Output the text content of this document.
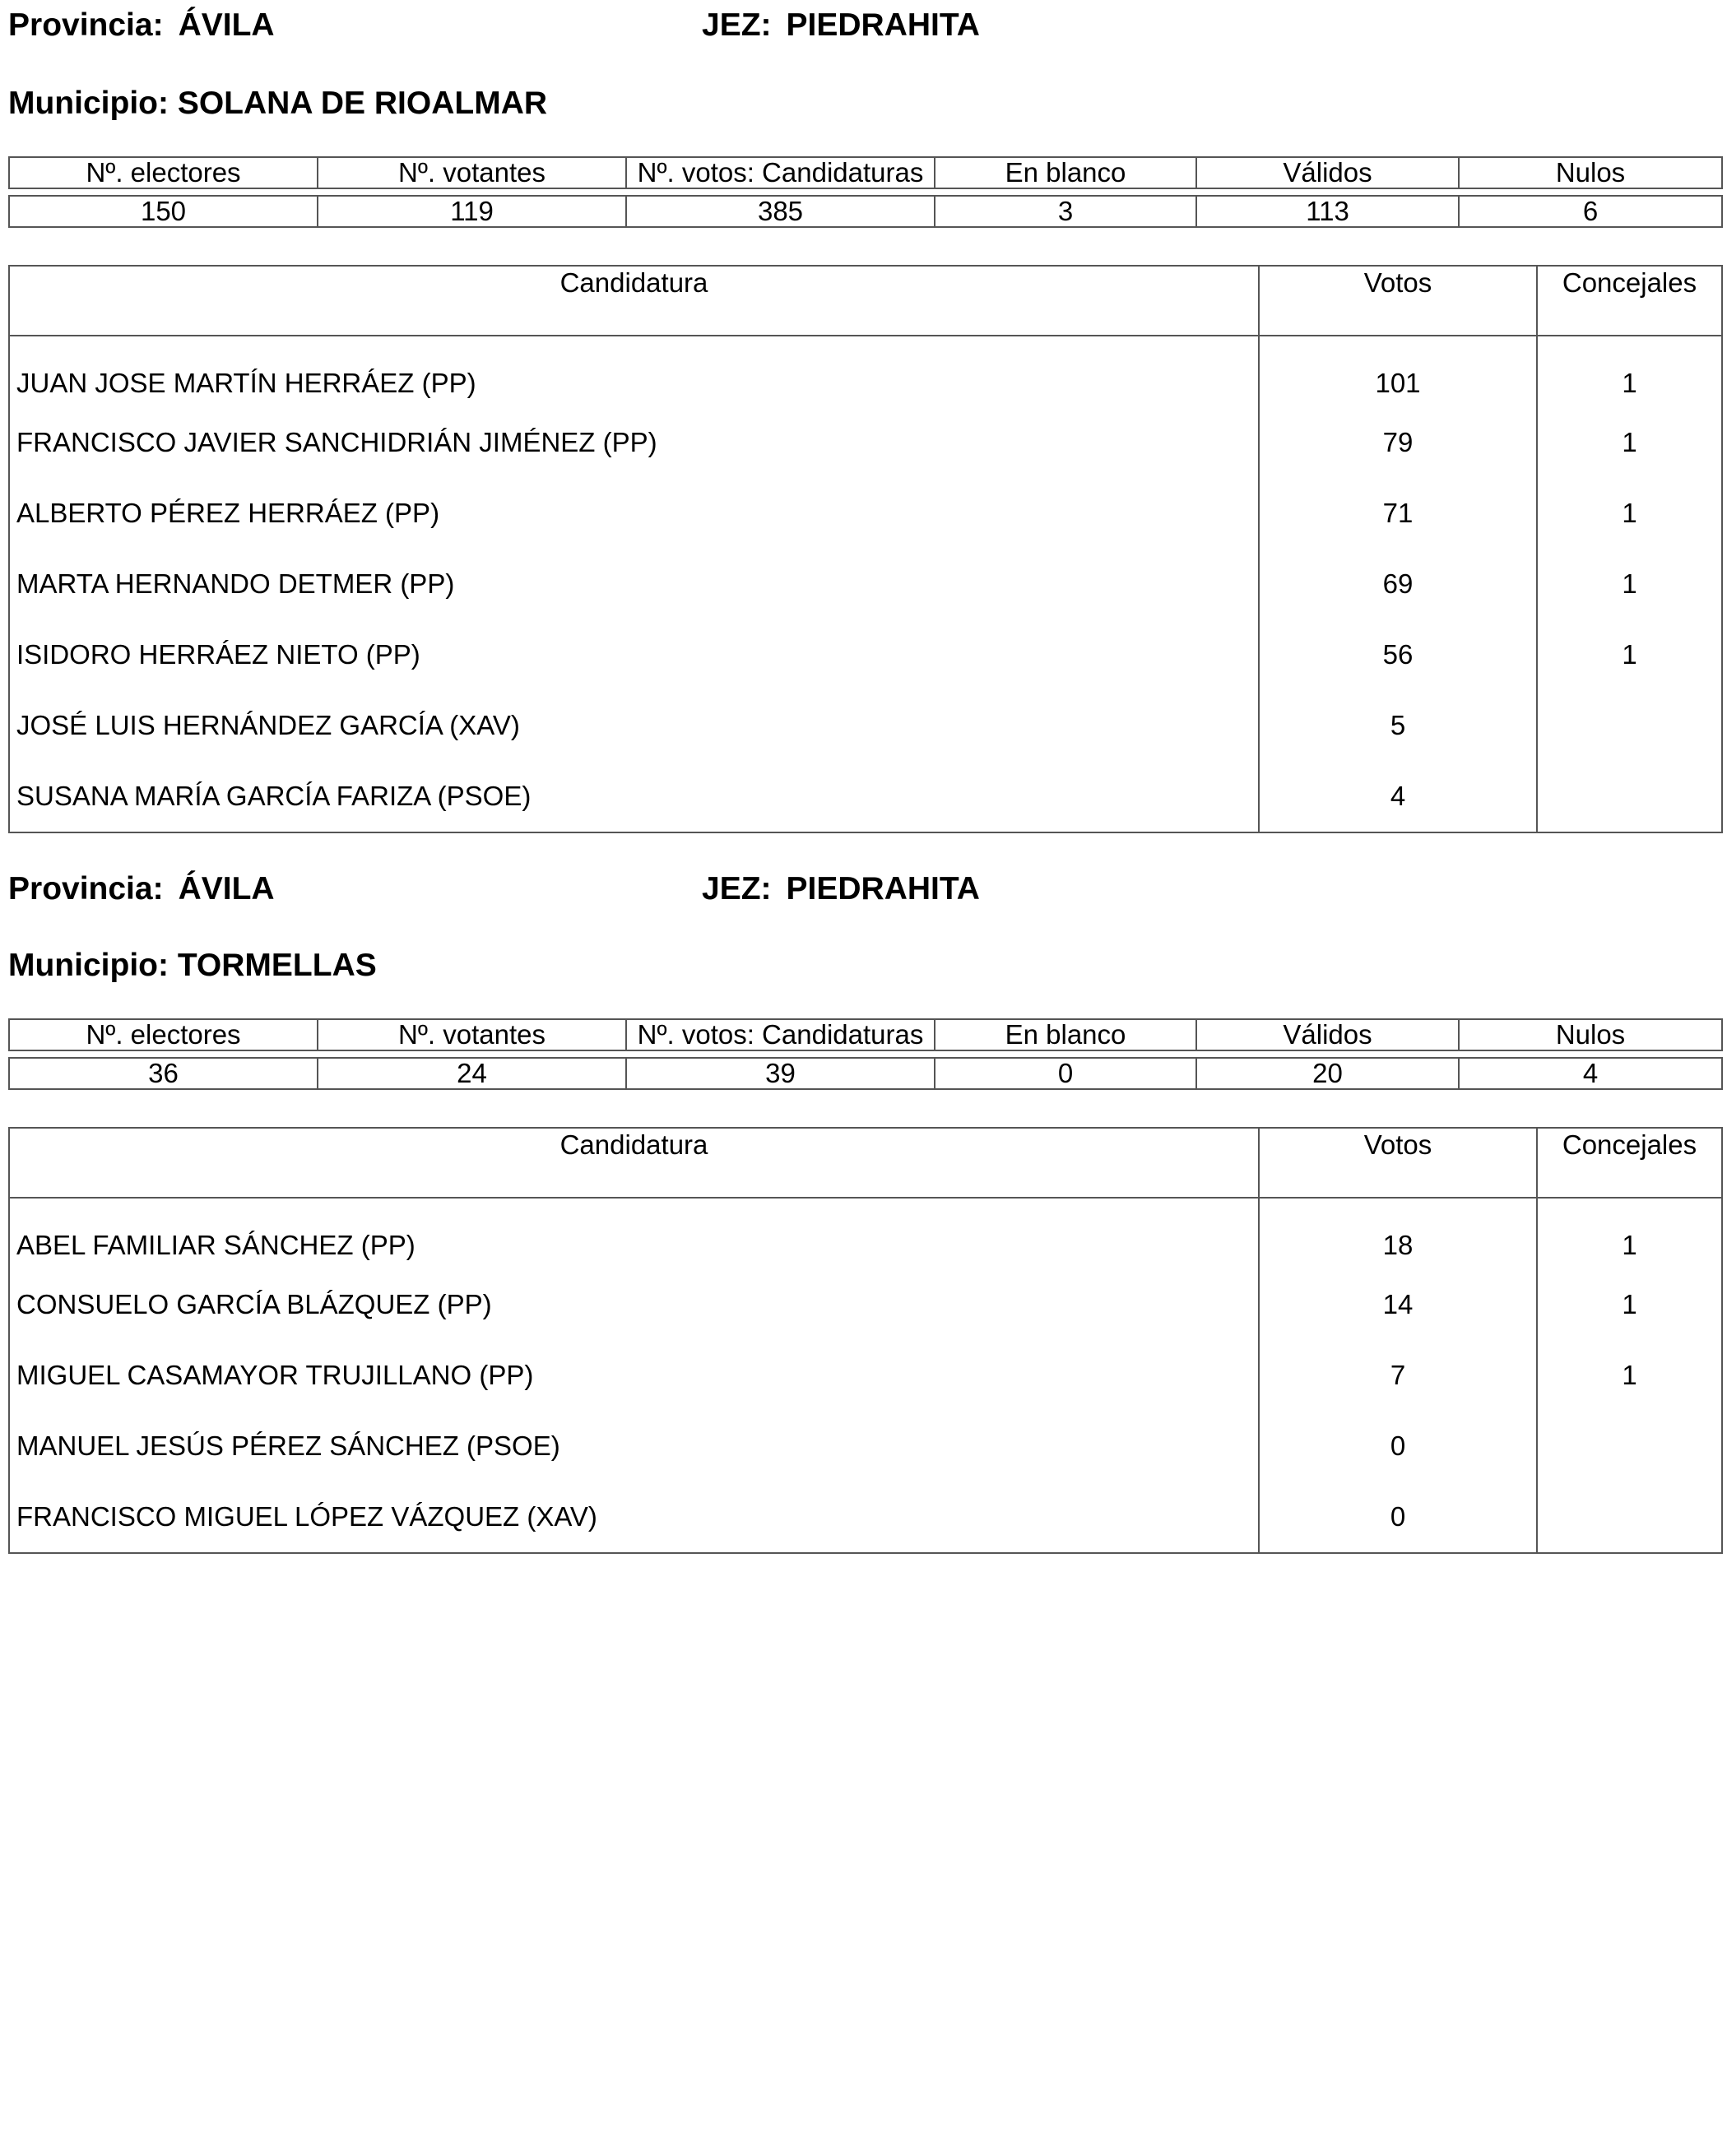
Provincia: ÁVILA	JEZ: PIEDRAHITA
Municipio: SOLANA DE RIOALMAR
Nº. electores	Nº. votantes	Nº. votos: Candidaturas	En blanco	Válidos	Nulos

150	119	385	3	113	6
Candidatura	Votos	Concejales
JUAN JOSE MARTÍN HERRÁEZ (PP)	101	1
FRANCISCO JAVIER SANCHIDRIÁN JIMÉNEZ (PP)	79	1
ALBERTO PÉREZ HERRÁEZ (PP)	71	1
MARTA HERNANDO DETMER (PP)	69	1
ISIDORO HERRÁEZ NIETO (PP)	56	1
JOSÉ LUIS HERNÁNDEZ GARCÍA (XAV)	5	
SUSANA MARÍA GARCÍA FARIZA (PSOE)	4	
Provincia: ÁVILA	JEZ: PIEDRAHITA
Municipio: TORMELLAS
Nº. electores	Nº. votantes	Nº. votos: Candidaturas	En blanco	Válidos	Nulos

36	24	39	0	20	4
Candidatura	Votos	Concejales
ABEL FAMILIAR SÁNCHEZ (PP)	18	1
CONSUELO GARCÍA BLÁZQUEZ (PP)	14	1
MIGUEL CASAMAYOR TRUJILLANO (PP)	7	1
MANUEL JESÚS PÉREZ SÁNCHEZ (PSOE)	0	
FRANCISCO MIGUEL LÓPEZ VÁZQUEZ (XAV)	0	
